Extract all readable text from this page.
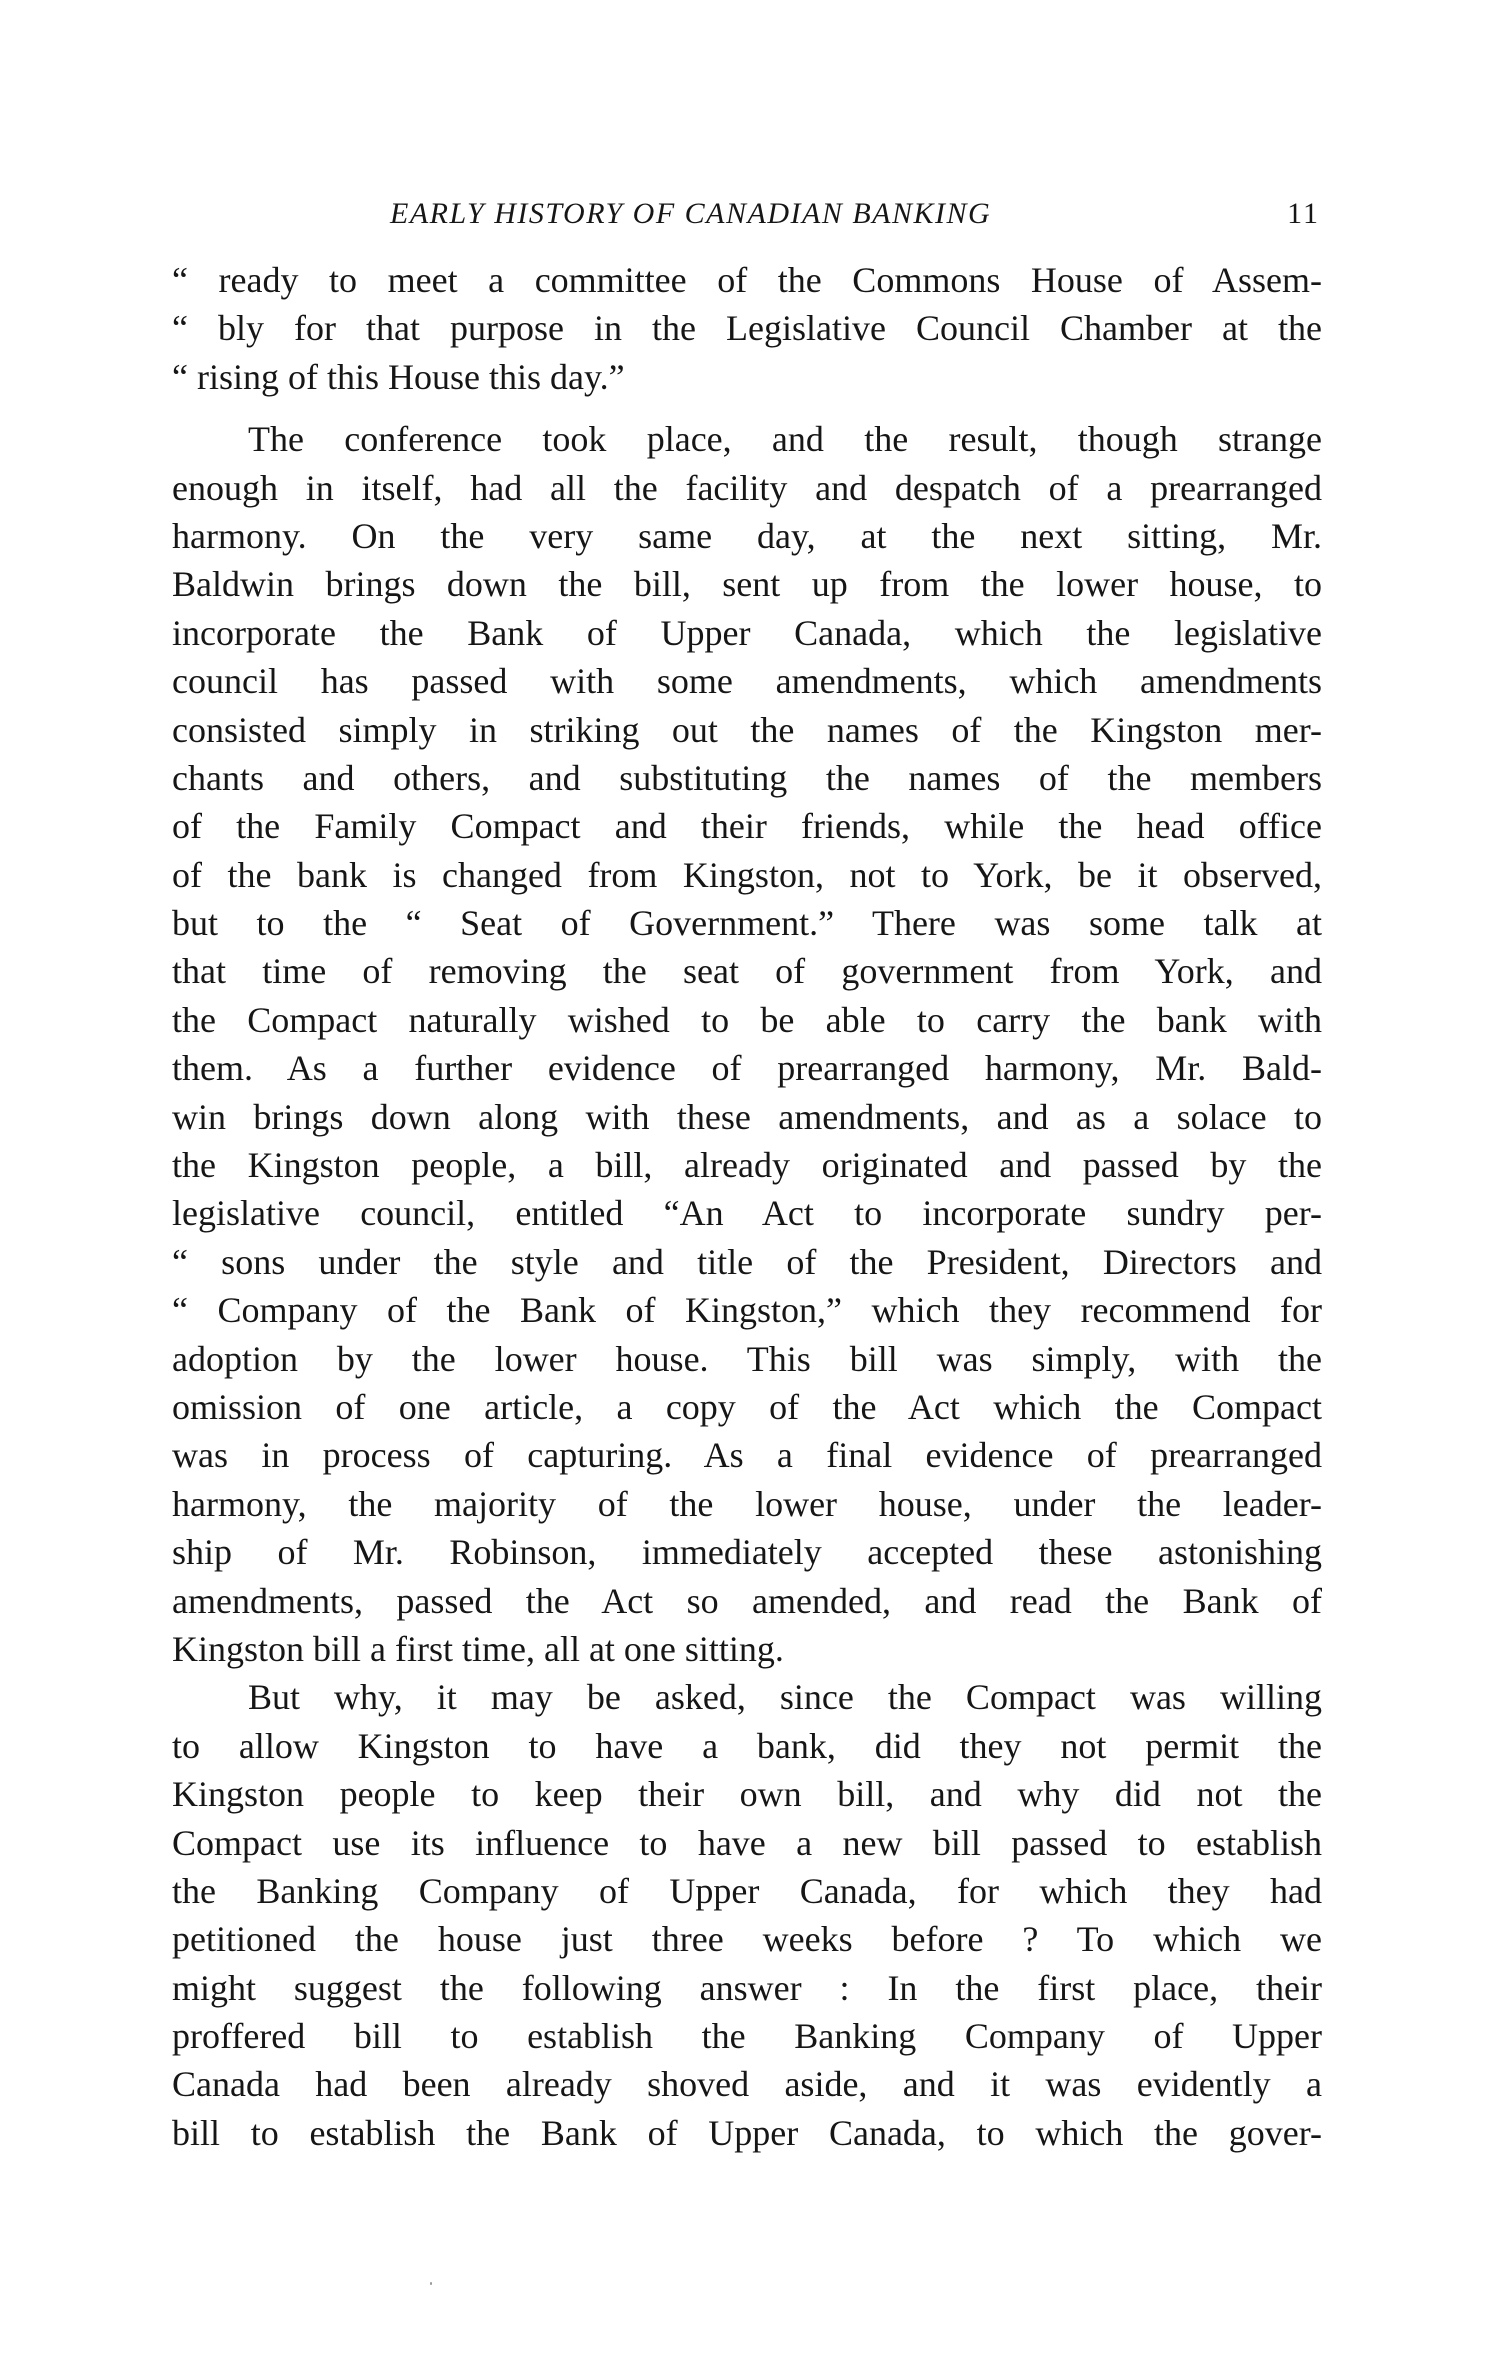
EARLY HISTORY OF CANADIAN BANKING	11
“ ready to meet a committee of the Commons House of Assem-
“ bly for that purpose in the Legislative Council Chamber at the
“ rising of this House this day.”
The conference took place, and the result, though strange
enough in itself, had all the facility and despatch of a prearranged
harmony. On the very same day, at the next sitting, Mr.
Baldwin brings down the bill, sent up from the lower house, to
incorporate the Bank of Upper Canada, which the legislative
council has passed with some amendments, which amendments
consisted simply in striking out the names of the Kingston mer-
chants and others, and substituting the names of the members
of the Family Compact and their friends, while the head office
of the bank is changed from Kingston, not to York, be it observed,
but to the “ Seat of Government.” There was some talk at
that time of removing the seat of government from York, and
the Compact naturally wished to be able to carry the bank with
them. As a further evidence of prearranged harmony, Mr. Bald-
win brings down along with these amendments, and as a solace to
the Kingston people, a bill, already originated and passed by the
legislative council, entitled “An Act to incorporate sundry per-
“ sons under the style and title of the President, Directors and
“ Company of the Bank of Kingston,” which they recommend for
adoption by the lower house. This bill was simply, with the
omission of one article, a copy of the Act which the Compact
was in process of capturing. As a final evidence of prearranged
harmony, the majority of the lower house, under the leader-
ship of Mr. Robinson, immediately accepted these astonishing
amendments, passed the Act so amended, and read the Bank of
Kingston bill a first time, all at one sitting.
But why, it may be asked, since the Compact was willing
to allow Kingston to have a bank, did they not permit the
Kingston people to keep their own bill, and why did not the
Compact use its influence to have a new bill passed to establish
the Banking Company of Upper Canada, for which they had
petitioned the house just three weeks before ? To which we
might suggest the following answer : In the first place, their
proffered bill to establish the Banking Company of Upper
Canada had been already shoved aside, and it was evidently a
bill to establish the Bank of Upper Canada, to which the gover-
